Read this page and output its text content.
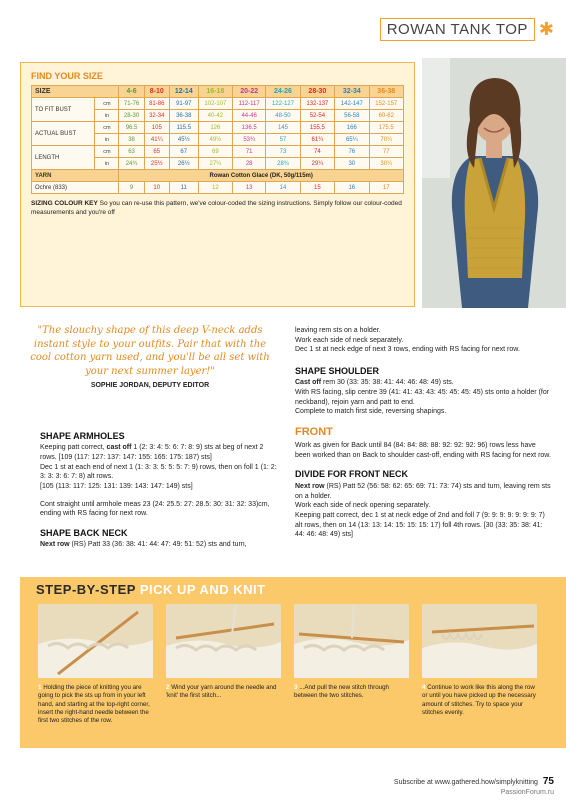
ROWAN TANK TOP ✱
FIND YOUR SIZE
SIZE		4-6	8-10	12-14	16-18	20-22	24-26	28-30	32-34	36-38
TO FIT BUST	cm	71-76	81-86	91-97	102-107	112-117	122-127	132-137	142-147	152-157
	in	28-30	32-34	36-38	40-42	44-46	48-50	52-54	56-58	60-62
ACTUAL BUST	cm	96.5	105	115.5	126	136.5	145	155.5	166	175.5
	in	38	41¼	45½	49½	53¾	57	61¼	65¼	70¼
LENGTH	cm	63	65	67	69	71	73	74	76	77
	in	24¾	25½	26½	27¼	28	28¾	29¼	30	30¼
YARN		Rowan Cotton Glacé (DK, 50g/115m)								
Ochre (833)		9	10	11	12	13	14	15	16	17
SIZING COLOUR KEY So you can re-use this pattern, we've colour-coded the sizing instructions. Simply follow our colour-coded measurements and you're off
"The slouchy shape of this deep V-neck adds instant style to your outfits. Pair that with the cool cotton yarn used, and you'll be all set with your next summer layer!"
SOPHIE JORDAN, DEPUTY EDITOR
SHAPE ARMHOLES

Keeping patt correct, cast off 1 (2: 3: 4: 5: 6: 7: 8: 9) sts at beg of next 2 rows. [109 (117: 127: 137: 147: 155: 165: 175: 187) sts]

Dec 1 st at each end of next 1 (1: 3: 3: 5: 5: 5: 7: 9) rows, then on foll 1 (1: 2: 3: 3: 3: 6: 7: 8) alt rows.

[105 (113: 117: 125: 131: 139: 143: 147: 149) sts]

Cont straight until armhole meas 23 (24: 25.5: 27: 28.5: 30: 31: 32: 33)cm, ending with RS facing for next row.

SHAPE BACK NECK

Next row (RS) Patt 33 (36: 38: 41: 44: 47: 49: 51: 52) sts and turn,

leaving rem sts on a holder.

Work each side of neck separately.

Dec 1 st at neck edge of next 3 rows, ending with RS facing for next row.

SHAPE SHOULDER

Cast off rem 30 (33: 35: 38: 41: 44: 46: 48: 49) sts.

With RS facing, slip centre 39 (41: 41: 43: 43: 45: 45: 45: 45) sts onto a holder (for neckband), rejoin yarn and patt to end.

Complete to match first side, reversing shapings.

FRONT

Work as given for Back until 84 (84: 84: 88: 88: 92: 92: 92: 96) rows less have been worked than on Back to shoulder cast-off, ending with RS facing for next row.

DIVIDE FOR FRONT NECK

Next row (RS) Patt 52 (56: 58: 62: 65: 69: 71: 73: 74) sts and turn, leaving rem sts on a holder.

Work each side of neck opening separately.

Keeping patt correct, dec 1 st at neck edge of 2nd and foll 7 (9: 9: 9: 9: 9: 9: 9: 7) alt rows, then on 14 (13: 13: 14: 15: 15: 15: 17) foll 4th rows. [30 (33: 35: 38: 41: 44: 46: 48: 49) sts]

STEP-BY-STEP PICK UP AND KNIT
1 Holding the piece of knitting you are going to pick the sts up from in your left hand, and starting at the top-right corner, insert the right-hand needle between the first two stitches of the row.
2 Wind your yarn around the needle and 'knit' the first stitch...
3 ...And pull the new stitch through between the two stitches.
4 Continue to work like this along the row or until you have picked up the necessary amount of stitches. Try to space your stitches evenly.
Subscribe at www.gathered.how/simplyknitting 75
PassionForum.ru
